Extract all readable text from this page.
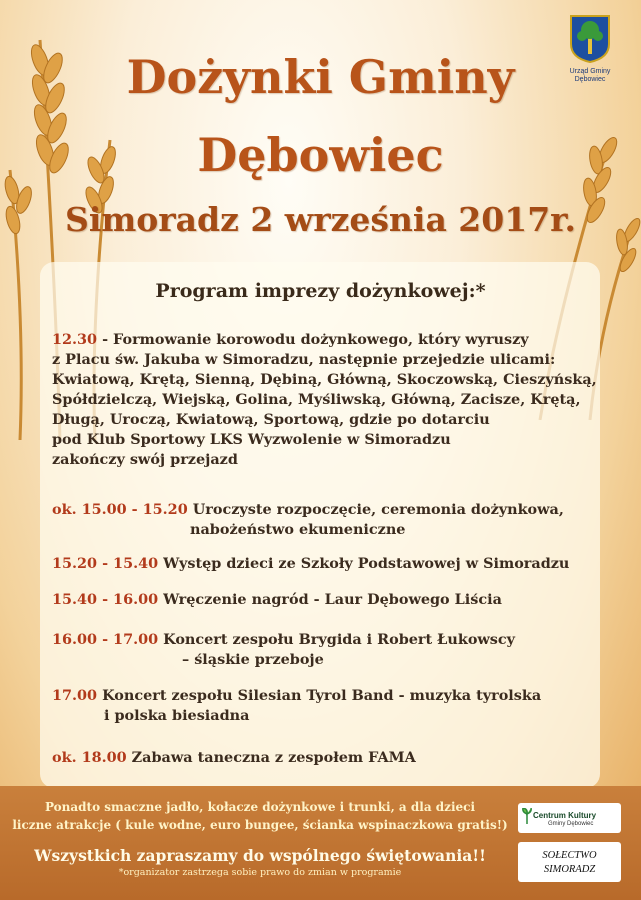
Urząd Gminy
Dębowiec
Dożynki Gminy
Dębowiec
Simoradz 2 września 2017r.
Program imprezy dożynkowej:*
12.30 - Formowanie korowodu dożynkowego, który wyruszy
z Placu św. Jakuba w Simoradzu, następnie przejedzie ulicami:
Kwiatową, Krętą, Sienną, Dębiną, Główną, Skoczowską, Cieszyńską,
Spółdzielczą, Wiejską, Golina, Myśliwską, Główną, Zacisze, Krętą,
Długą, Uroczą, Kwiatową, Sportową, gdzie po dotarciu
pod Klub Sportowy LKS Wyzwolenie w Simoradzu
zakończy swój przejazd
ok. 15.00 - 15.20 Uroczyste rozpoczęcie, ceremonia dożynkowa,
nabożeństwo ekumeniczne
15.20 - 15.40 Występ dzieci ze Szkoły Podstawowej w Simoradzu
15.40 - 16.00 Wręczenie nagród - Laur Dębowego Liścia
16.00 - 17.00 Koncert zespołu Brygida i Robert Łukowscy
– śląskie przeboje
17.00 Koncert zespołu Silesian Tyrol Band - muzyka tyrolska
i polska biesiadna
ok. 18.00 Zabawa taneczna z zespołem FAMA
Ponadto smaczne jadło, kołacze dożynkowe i trunki, a dla dzieci
liczne atrakcje ( kule wodne, euro bungee, ścianka wspinaczkowa gratis!)
Wszystkich zapraszamy do wspólnego świętowania!!
*organizator zastrzega sobie prawo do zmian w programie
Centrum Kultury
Gminy Dębowiec
SOŁECTWO
SIMORADZ
